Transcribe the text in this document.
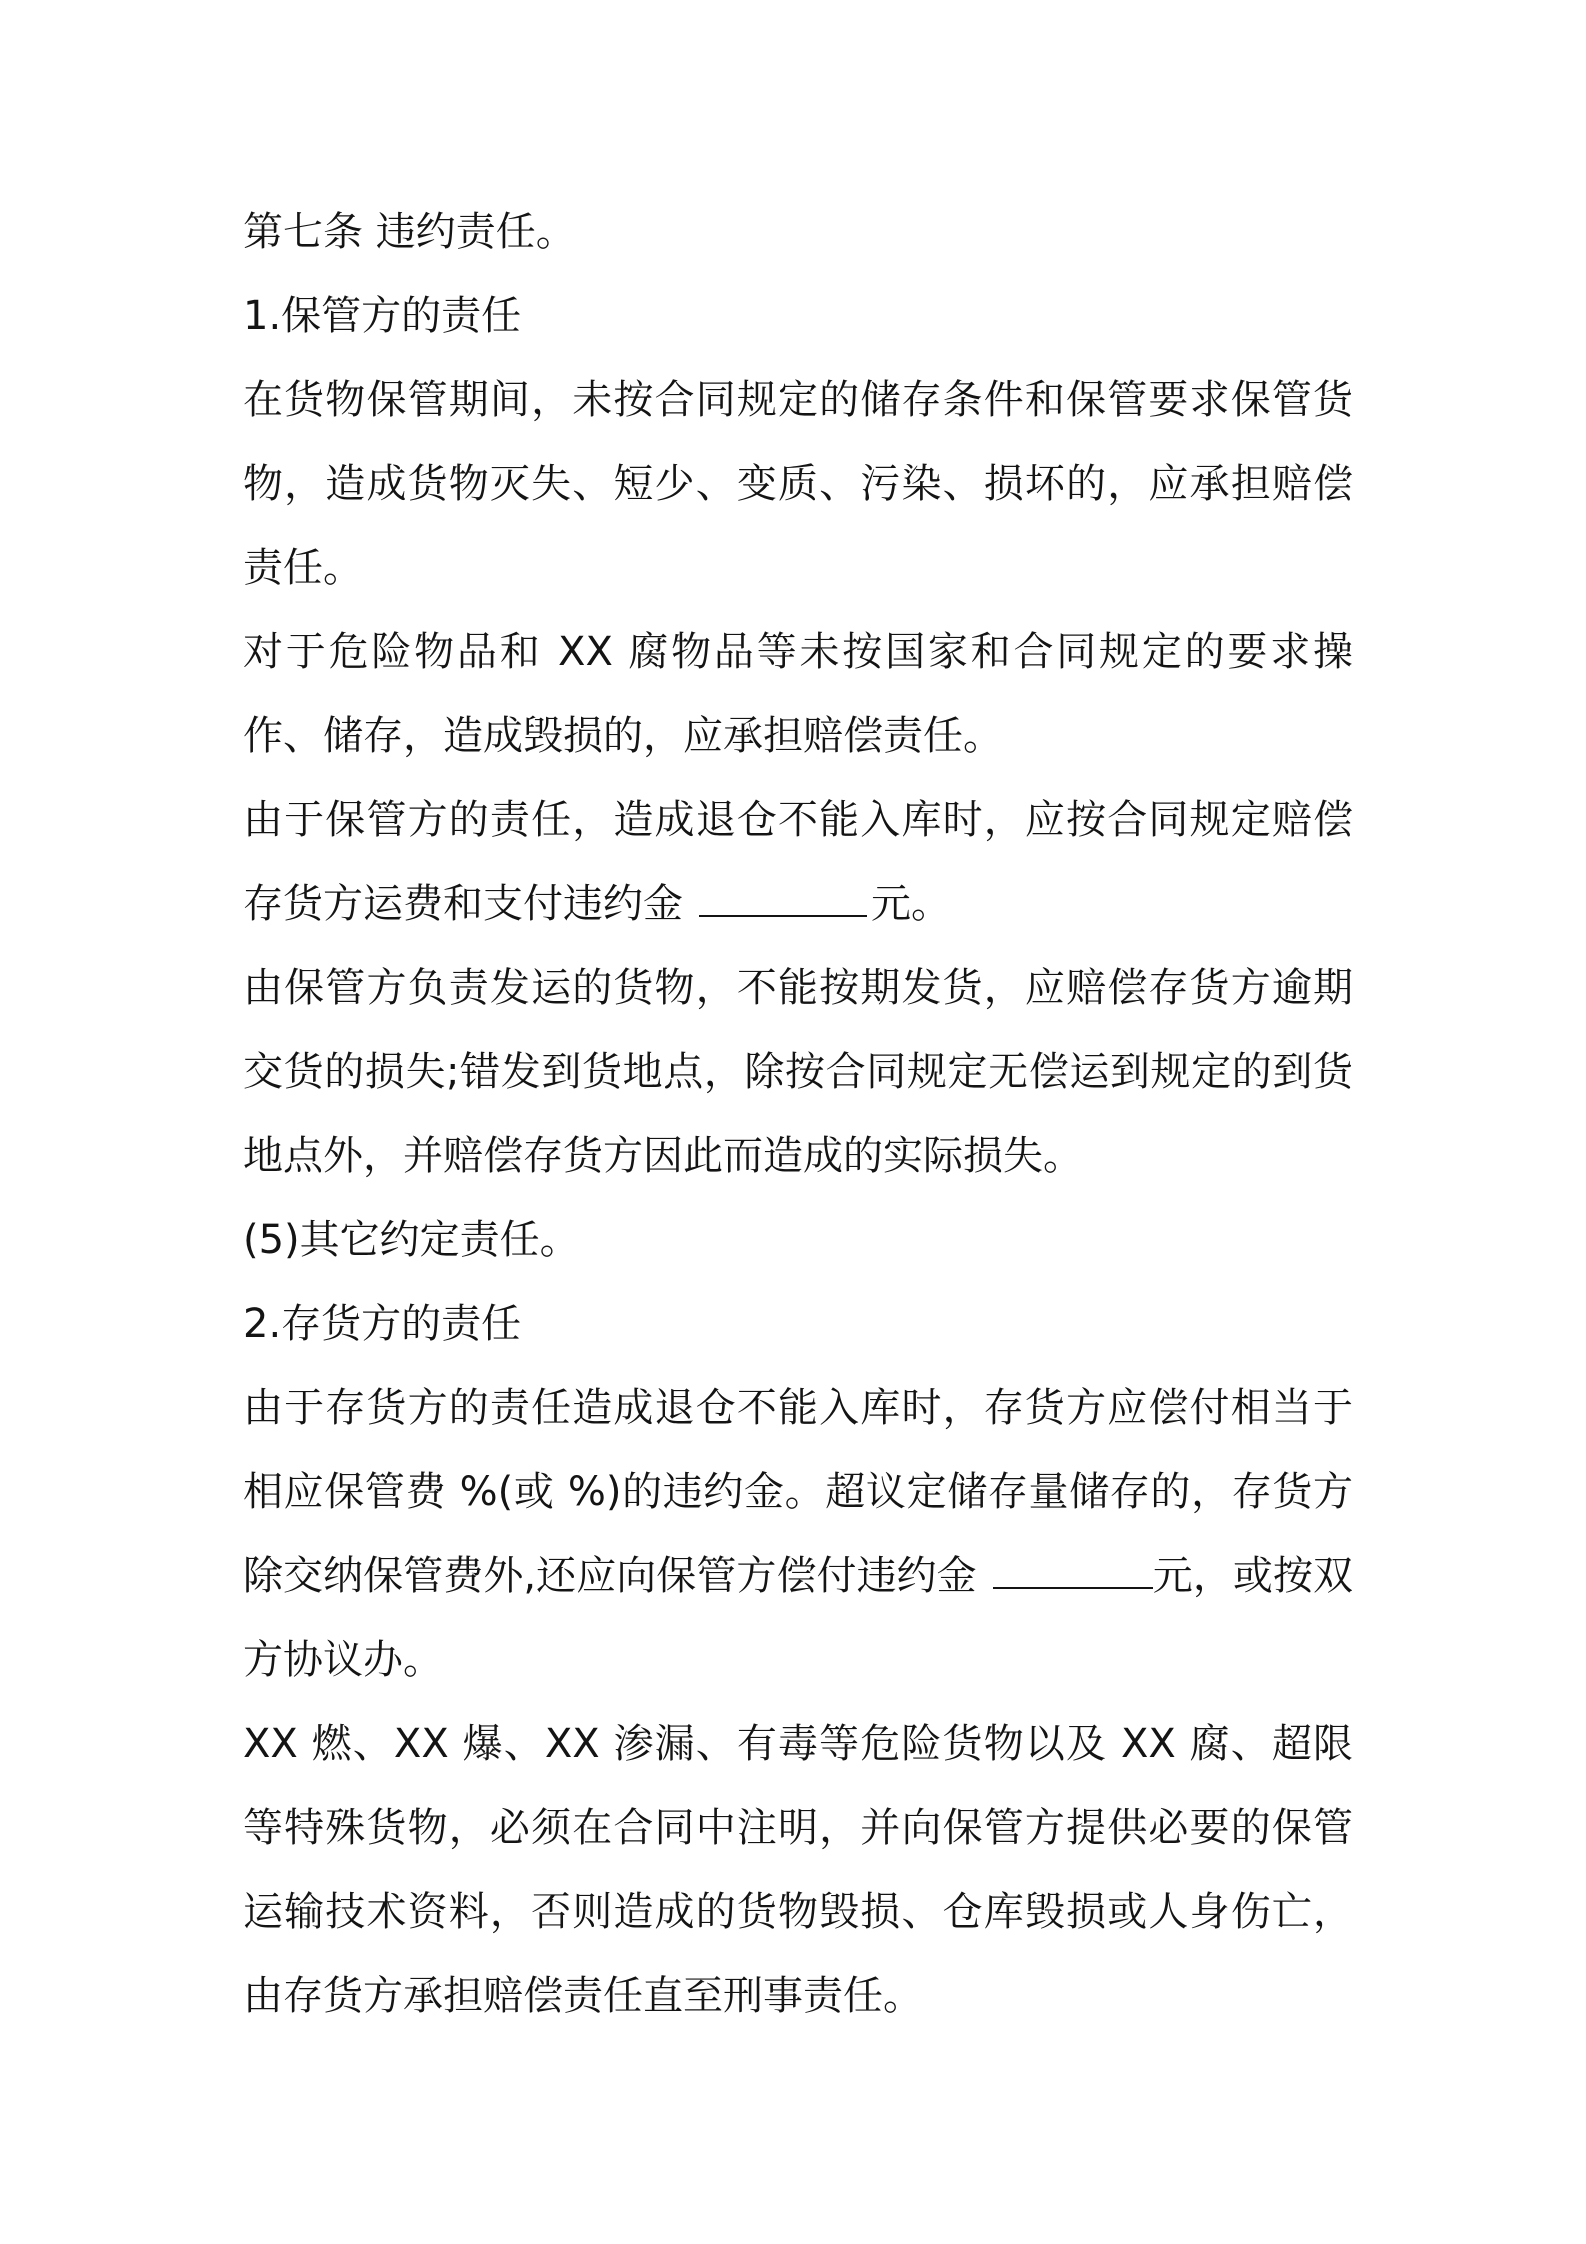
第七条 违约责任。

1.保管方的责任

在货物保管期间，未按合同规定的储存条件和保管要求保管货物，造成货物灭失、短少、变质、污染、损坏的，应承担赔偿责任。

对于危险物品和 XX 腐物品等未按国家和合同规定的要求操作、储存，造成毁损的，应承担赔偿责任。

由于保管方的责任，造成退仓不能入库时，应按合同规定赔偿存货方运费和支付违约金	元。

由保管方负责发运的货物，不能按期发货，应赔偿存货方逾期交货的损失;错发到货地点，除按合同规定无偿运到规定的到货地点外，并赔偿存货方因此而造成的实际损失。

(5)其它约定责任。

2.存货方的责任

由于存货方的责任造成退仓不能入库时，存货方应偿付相当于相应保管费 %(或 %)的违约金。超议定储存量储存的，存货方除交纳保管费外,还应向保管方偿付违约金	元，或按双方协议办。

XX 燃、XX 爆、XX 渗漏、有毒等危险货物以及 XX 腐、超限等特殊货物，必须在合同中注明，并向保管方提供必要的保管运输技术资料，否则造成的货物毁损、仓库毁损或人身伤亡，由存货方承担赔偿责任直至刑事责任。
